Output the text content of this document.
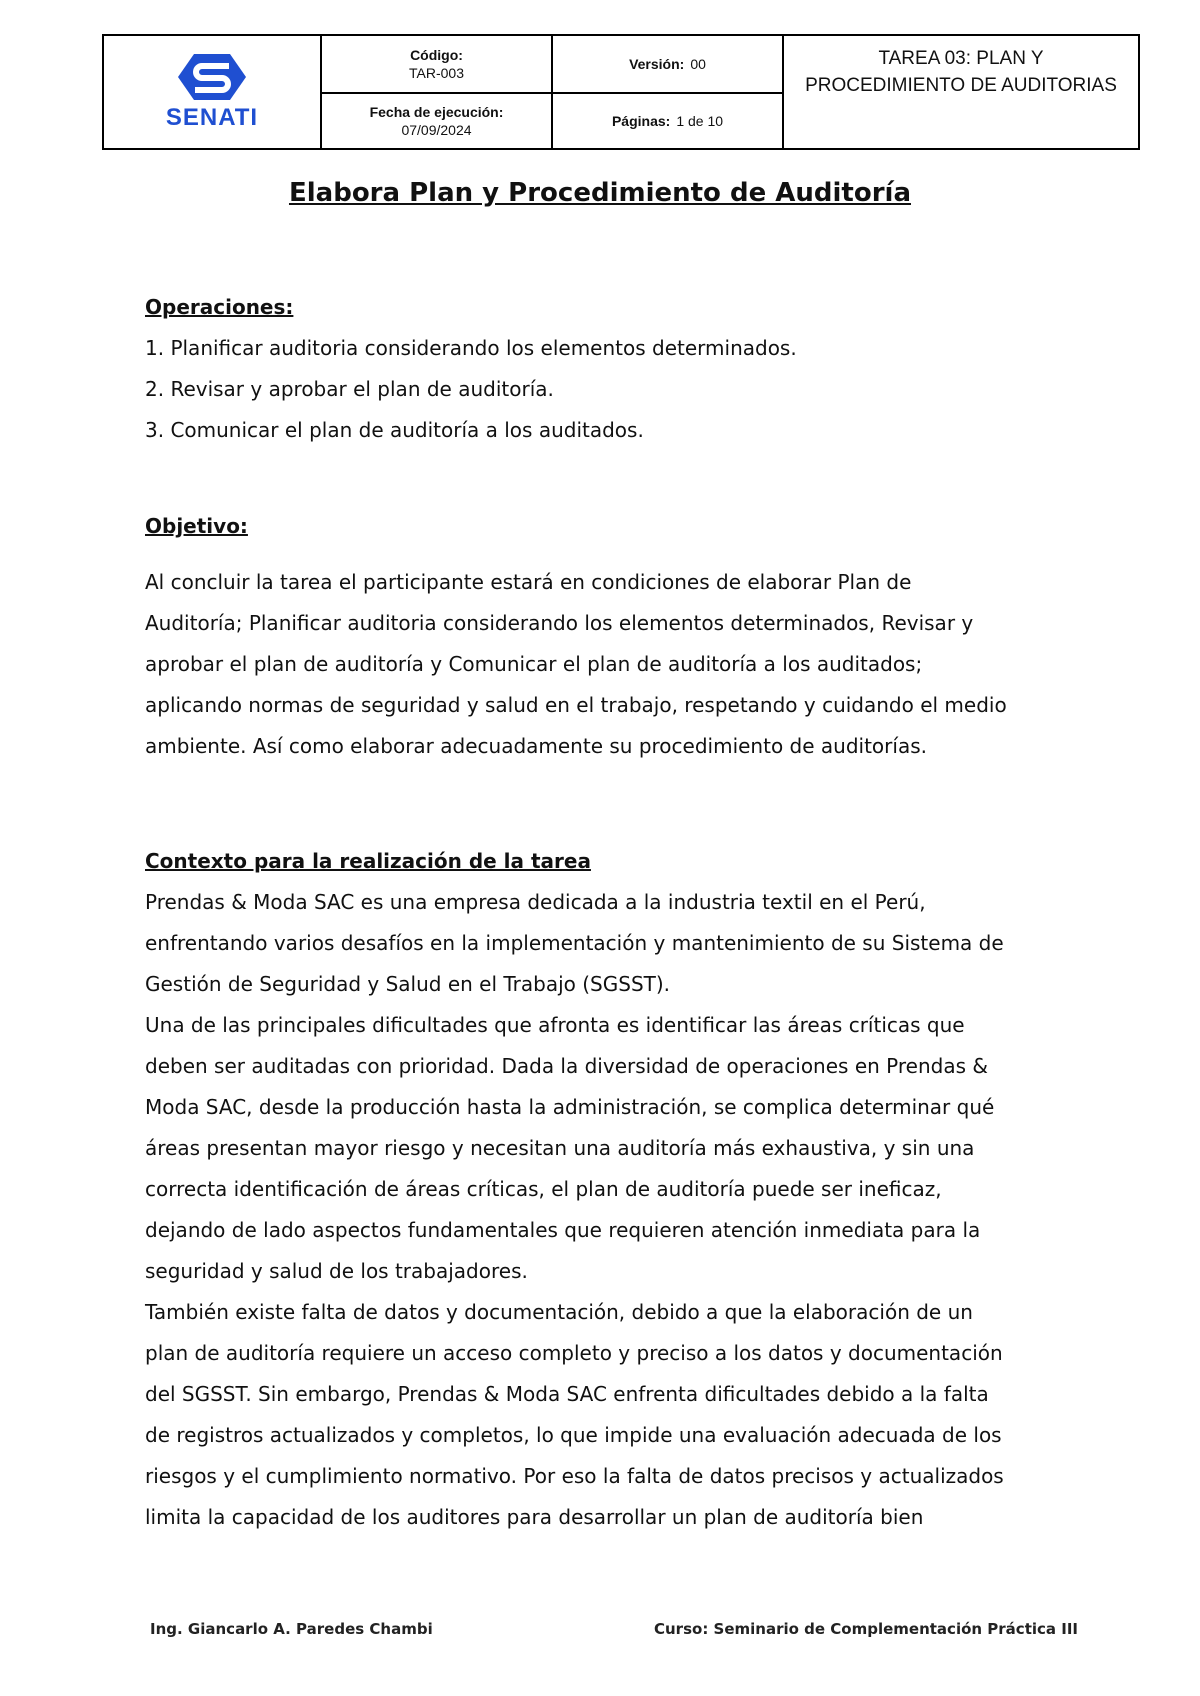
SENATI
Código:
TAR-003
Fecha de ejecución:
07/09/2024
Versión: 00
Páginas: 1 de 10
TAREA 03: PLAN Y PROCEDIMIENTO DE AUDITORIAS
Elabora Plan y Procedimiento de Auditoría
Operaciones:
1. Planificar auditoria considerando los elementos determinados.
2. Revisar y aprobar el plan de auditoría.
3. Comunicar el plan de auditoría a los auditados.
Objetivo:
Al concluir la tarea el participante estará en condiciones de elaborar Plan de
Auditoría; Planificar auditoria considerando los elementos determinados, Revisar y
aprobar el plan de auditoría y Comunicar el plan de auditoría a los auditados;
aplicando normas de seguridad y salud en el trabajo, respetando y cuidando el medio
ambiente. Así como elaborar adecuadamente su procedimiento de auditorías.
Contexto para la realización de la tarea
Prendas & Moda SAC es una empresa dedicada a la industria textil en el Perú,
enfrentando varios desafíos en la implementación y mantenimiento de su Sistema de
Gestión de Seguridad y Salud en el Trabajo (SGSST).
Una de las principales dificultades que afronta es identificar las áreas críticas que
deben ser auditadas con prioridad. Dada la diversidad de operaciones en Prendas &
Moda SAC, desde la producción hasta la administración, se complica determinar qué
áreas presentan mayor riesgo y necesitan una auditoría más exhaustiva, y sin una
correcta identificación de áreas críticas, el plan de auditoría puede ser ineficaz,
dejando de lado aspectos fundamentales que requieren atención inmediata para la
seguridad y salud de los trabajadores.
También existe falta de datos y documentación, debido a que la elaboración de un
plan de auditoría requiere un acceso completo y preciso a los datos y documentación
del SGSST. Sin embargo, Prendas & Moda SAC enfrenta dificultades debido a la falta
de registros actualizados y completos, lo que impide una evaluación adecuada de los
riesgos y el cumplimiento normativo. Por eso la falta de datos precisos y actualizados
limita la capacidad de los auditores para desarrollar un plan de auditoría bien
Ing. Giancarlo A. Paredes Chambi	Curso: Seminario de Complementación Práctica III
